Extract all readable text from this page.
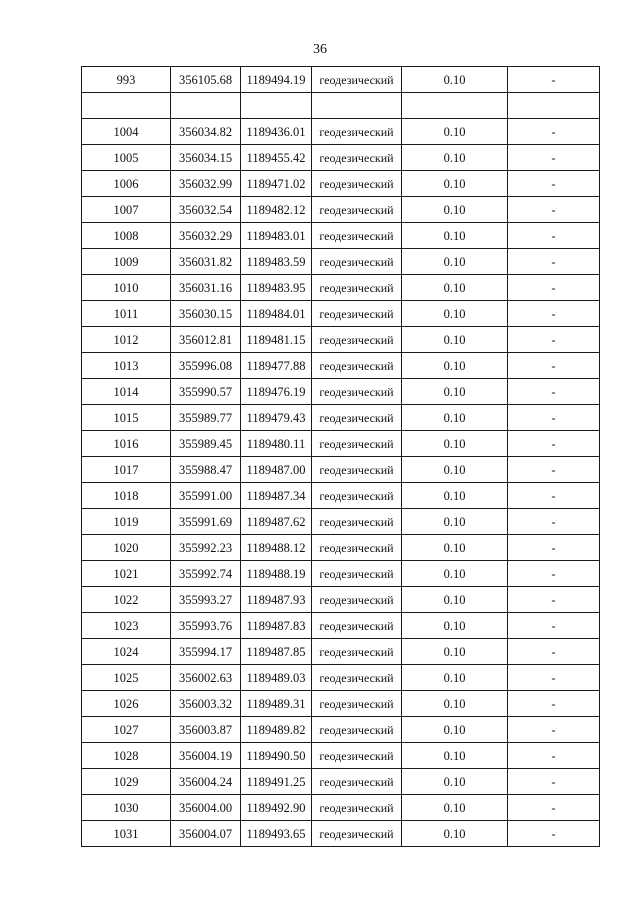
36
993	356105.68	1189494.19	геодезический	0.10	-

1004	356034.82	1189436.01	геодезический	0.10	-
1005	356034.15	1189455.42	геодезический	0.10	-
1006	356032.99	1189471.02	геодезический	0.10	-
1007	356032.54	1189482.12	геодезический	0.10	-
1008	356032.29	1189483.01	геодезический	0.10	-
1009	356031.82	1189483.59	геодезический	0.10	-
1010	356031.16	1189483.95	геодезический	0.10	-
1011	356030.15	1189484.01	геодезический	0.10	-
1012	356012.81	1189481.15	геодезический	0.10	-
1013	355996.08	1189477.88	геодезический	0.10	-
1014	355990.57	1189476.19	геодезический	0.10	-
1015	355989.77	1189479.43	геодезический	0.10	-
1016	355989.45	1189480.11	геодезический	0.10	-
1017	355988.47	1189487.00	геодезический	0.10	-
1018	355991.00	1189487.34	геодезический	0.10	-
1019	355991.69	1189487.62	геодезический	0.10	-
1020	355992.23	1189488.12	геодезический	0.10	-
1021	355992.74	1189488.19	геодезический	0.10	-
1022	355993.27	1189487.93	геодезический	0.10	-
1023	355993.76	1189487.83	геодезический	0.10	-
1024	355994.17	1189487.85	геодезический	0.10	-
1025	356002.63	1189489.03	геодезический	0.10	-
1026	356003.32	1189489.31	геодезический	0.10	-
1027	356003.87	1189489.82	геодезический	0.10	-
1028	356004.19	1189490.50	геодезический	0.10	-
1029	356004.24	1189491.25	геодезический	0.10	-
1030	356004.00	1189492.90	геодезический	0.10	-
1031	356004.07	1189493.65	геодезический	0.10	-
